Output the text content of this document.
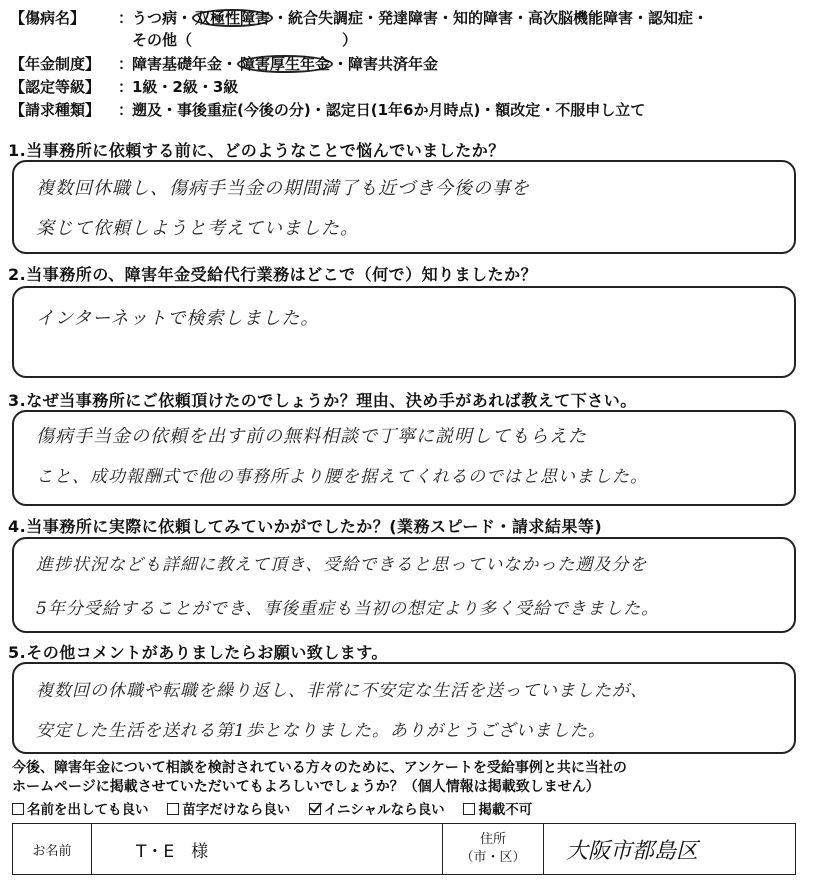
【傷病名】 ：うつ病・ 双極性障害 ・統合失調症・発達障害・知的障害・高次脳機能障害・認知症・
その他（　　　　　　　　　　）
【年金制度】 ：障害基礎年金・ 障害厚生年金 ・障害共済年金
【認定等級】 ：1級・2級・3級
【請求種類】 ：遡及・事後重症(今後の分)・認定日(1年6か月時点)・額改定・不服申し立て
1.当事務所に依頼する前に、どのようなことで悩んでいましたか？
複数回休職し、傷病手当金の期間満了も近づき今後の事を
案じて依頼しようと考えていました。
2.当事務所の、障害年金受給代行業務はどこで（何で）知りましたか？
インターネットで検索しました。
3.なぜ当事務所にご依頼頂けたのでしょうか？理由、決め手があれば教えて下さい。
傷病手当金の依頼を出す前の無料相談で丁寧に説明してもらえた
こと、成功報酬式で他の事務所より腰を据えてくれるのではと思いました。
4.当事務所に実際に依頼してみていかがでしたか？(業務スピード・請求結果等)
進捗状況なども詳細に教えて頂き、受給できると思っていなかった遡及分を
5年分受給することができ、事後重症も当初の想定より多く受給できました。
5.その他コメントがありましたらお願い致します。
複数回の休職や転職を繰り返し、非常に不安定な生活を送っていましたが、
安定した生活を送れる第1歩となりました。ありがとうございました。
今後、障害年金について相談を検討されている方々のために、アンケートを受給事例と共に当社の
ホームページに掲載させていただいてもよろしいでしょうか？（個人情報は掲載致しません）
名前を出しても良い 苗字だけなら良い イニシャルなら良い 掲載不可
お名前	T・E　様	
住所
（市・区）	大阪市都島区
